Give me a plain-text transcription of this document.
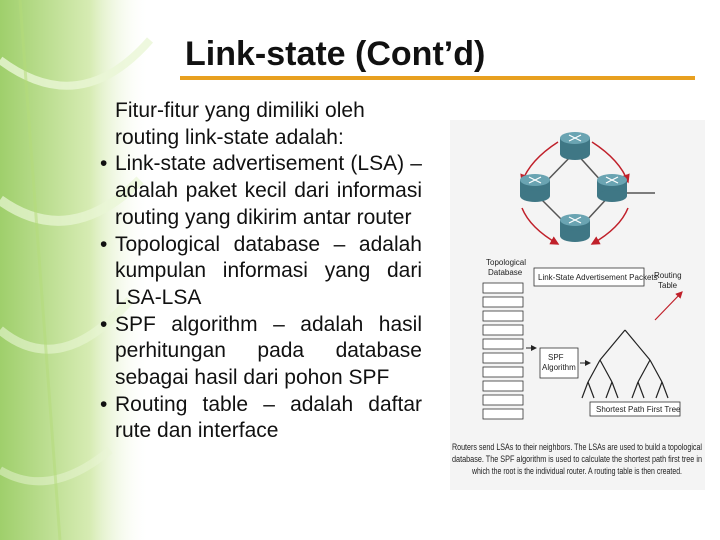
Link-state (Cont’d)

Fitur-fitur yang dimiliki oleh routing link-state adalah:

• Link-state advertisement (LSA) – adalah paket kecil dari informasi routing yang dikirim antar router

• Topological database – adalah kumpulan informasi yang dari LSA-LSA

• SPF algorithm – adalah hasil perhitungan pada database sebagai hasil dari pohon SPF

• Routing table – adalah daftar rute dan interface

Topological
Database
Link-State Advertisement Packets
Routing
Table
SPF
Algorithm
Shortest Path First Tree
Routers send LSAs to their neighbors. The LSAs are used to build a topological
database. The SPF algorithm is used to calculate the shortest path first tree in
which the root is the individual router. A routing table is then created.
